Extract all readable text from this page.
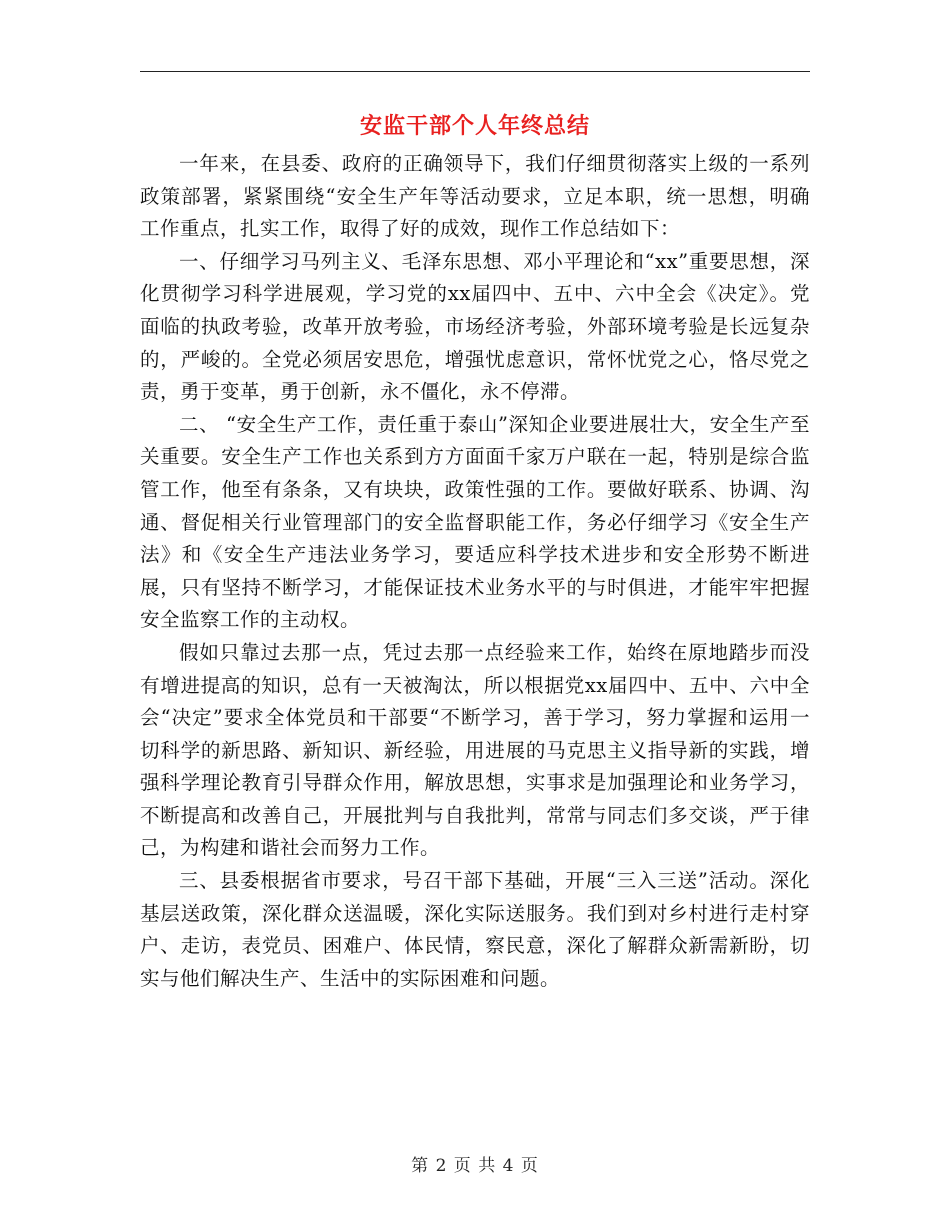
安监干部个人年终总结

一年来，在县委、政府的正确领导下，我们仔细贯彻落实上级的一系列政策部署，紧紧围绕“安全生产年等活动要求，立足本职，统一思想，明确工作重点，扎实工作，取得了好的成效，现作工作总结如下：

一、仔细学习马列主义、毛泽东思想、邓小平理论和“xx”重要思想，深化贯彻学习科学进展观，学习党的xx届四中、五中、六中全会《决定》。党面临的执政考验，改革开放考验，市场经济考验，外部环境考验是长远复杂的，严峻的。全党必须居安思危，增强忧虑意识，常怀忧党之心，恪尽党之责，勇于变革，勇于创新，永不僵化，永不停滞。

二、 “安全生产工作，责任重于泰山”深知企业要进展壮大，安全生产至关重要。安全生产工作也关系到方方面面千家万户联在一起，特别是综合监管工作，他至有条条，又有块块，政策性强的工作。要做好联系、协调、沟通、督促相关行业管理部门的安全监督职能工作，务必仔细学习《安全生产法》和《安全生产违法业务学习，要适应科学技术进步和安全形势不断进展，只有坚持不断学习，才能保证技术业务水平的与时俱进，才能牢牢把握安全监察工作的主动权。

假如只靠过去那一点，凭过去那一点经验来工作，始终在原地踏步而没有增进提高的知识，总有一天被淘汰，所以根据党xx届四中、五中、六中全会“决定”要求全体党员和干部要“不断学习，善于学习，努力掌握和运用一切科学的新思路、新知识、新经验，用进展的马克思主义指导新的实践，增强科学理论教育引导群众作用，解放思想，实事求是加强理论和业务学习，不断提高和改善自己，开展批判与自我批判，常常与同志们多交谈，严于律己，为构建和谐社会而努力工作。

三、县委根据省市要求，号召干部下基础，开展“三入三送”活动。深化基层送政策，深化群众送温暖，深化实际送服务。我们到对乡村进行走村穿户、走访，表党员、困难户、体民情，察民意，深化了解群众新需新盼，切实与他们解决生产、生活中的实际困难和问题。

第 2 页 共 4 页
